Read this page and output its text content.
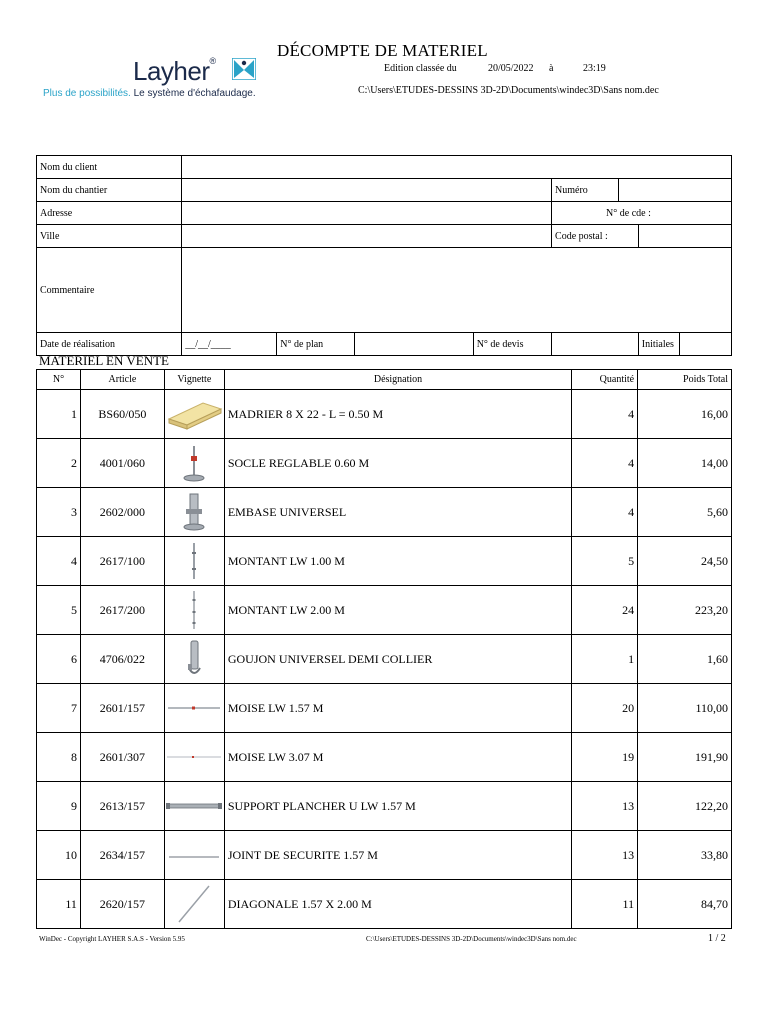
Layher®
Plus de possibilités. Le système d'échafaudage.
DÉCOMPTE DE MATERIEL
Edition classée du	20/05/2022 à	23:19
C:\Users\ETUDES-DESSINS 3D-2D\Documents\windec3D\Sans nom.dec
Nom du client								
Nom du chantier					Numéro			
Adresse					N° de cde :			
Ville					Code postal :			
Commentaire								
Date de réalisation	__/__/____	N° de plan		N° de devis			Initiales	
MATERIEL EN VENTE
N°	Article	Vignette	Désignation	Quantité	Poids Total
1	BS60/050		MADRIER 8 X 22 - L = 0.50 M	4	16,00
2	4001/060		SOCLE REGLABLE 0.60 M	4	14,00
3	2602/000		EMBASE UNIVERSEL	4	5,60
4	2617/100		MONTANT LW 1.00 M	5	24,50
5	2617/200		MONTANT LW 2.00 M	24	223,20
6	4706/022		GOUJON UNIVERSEL DEMI COLLIER	1	1,60
7	2601/157		MOISE LW 1.57 M	20	110,00
8	2601/307		MOISE LW 3.07 M	19	191,90
9	2613/157		SUPPORT PLANCHER U LW 1.57 M	13	122,20
10	2634/157		JOINT DE SECURITE 1.57 M	13	33,80
11	2620/157		DIAGONALE 1.57 X 2.00 M	11	84,70
WinDec - Copyright LAYHER S.A.S - Version 5.95	C:\Users\ETUDES-DESSINS 3D-2D\Documents\windec3D\Sans nom.dec	1 / 2
